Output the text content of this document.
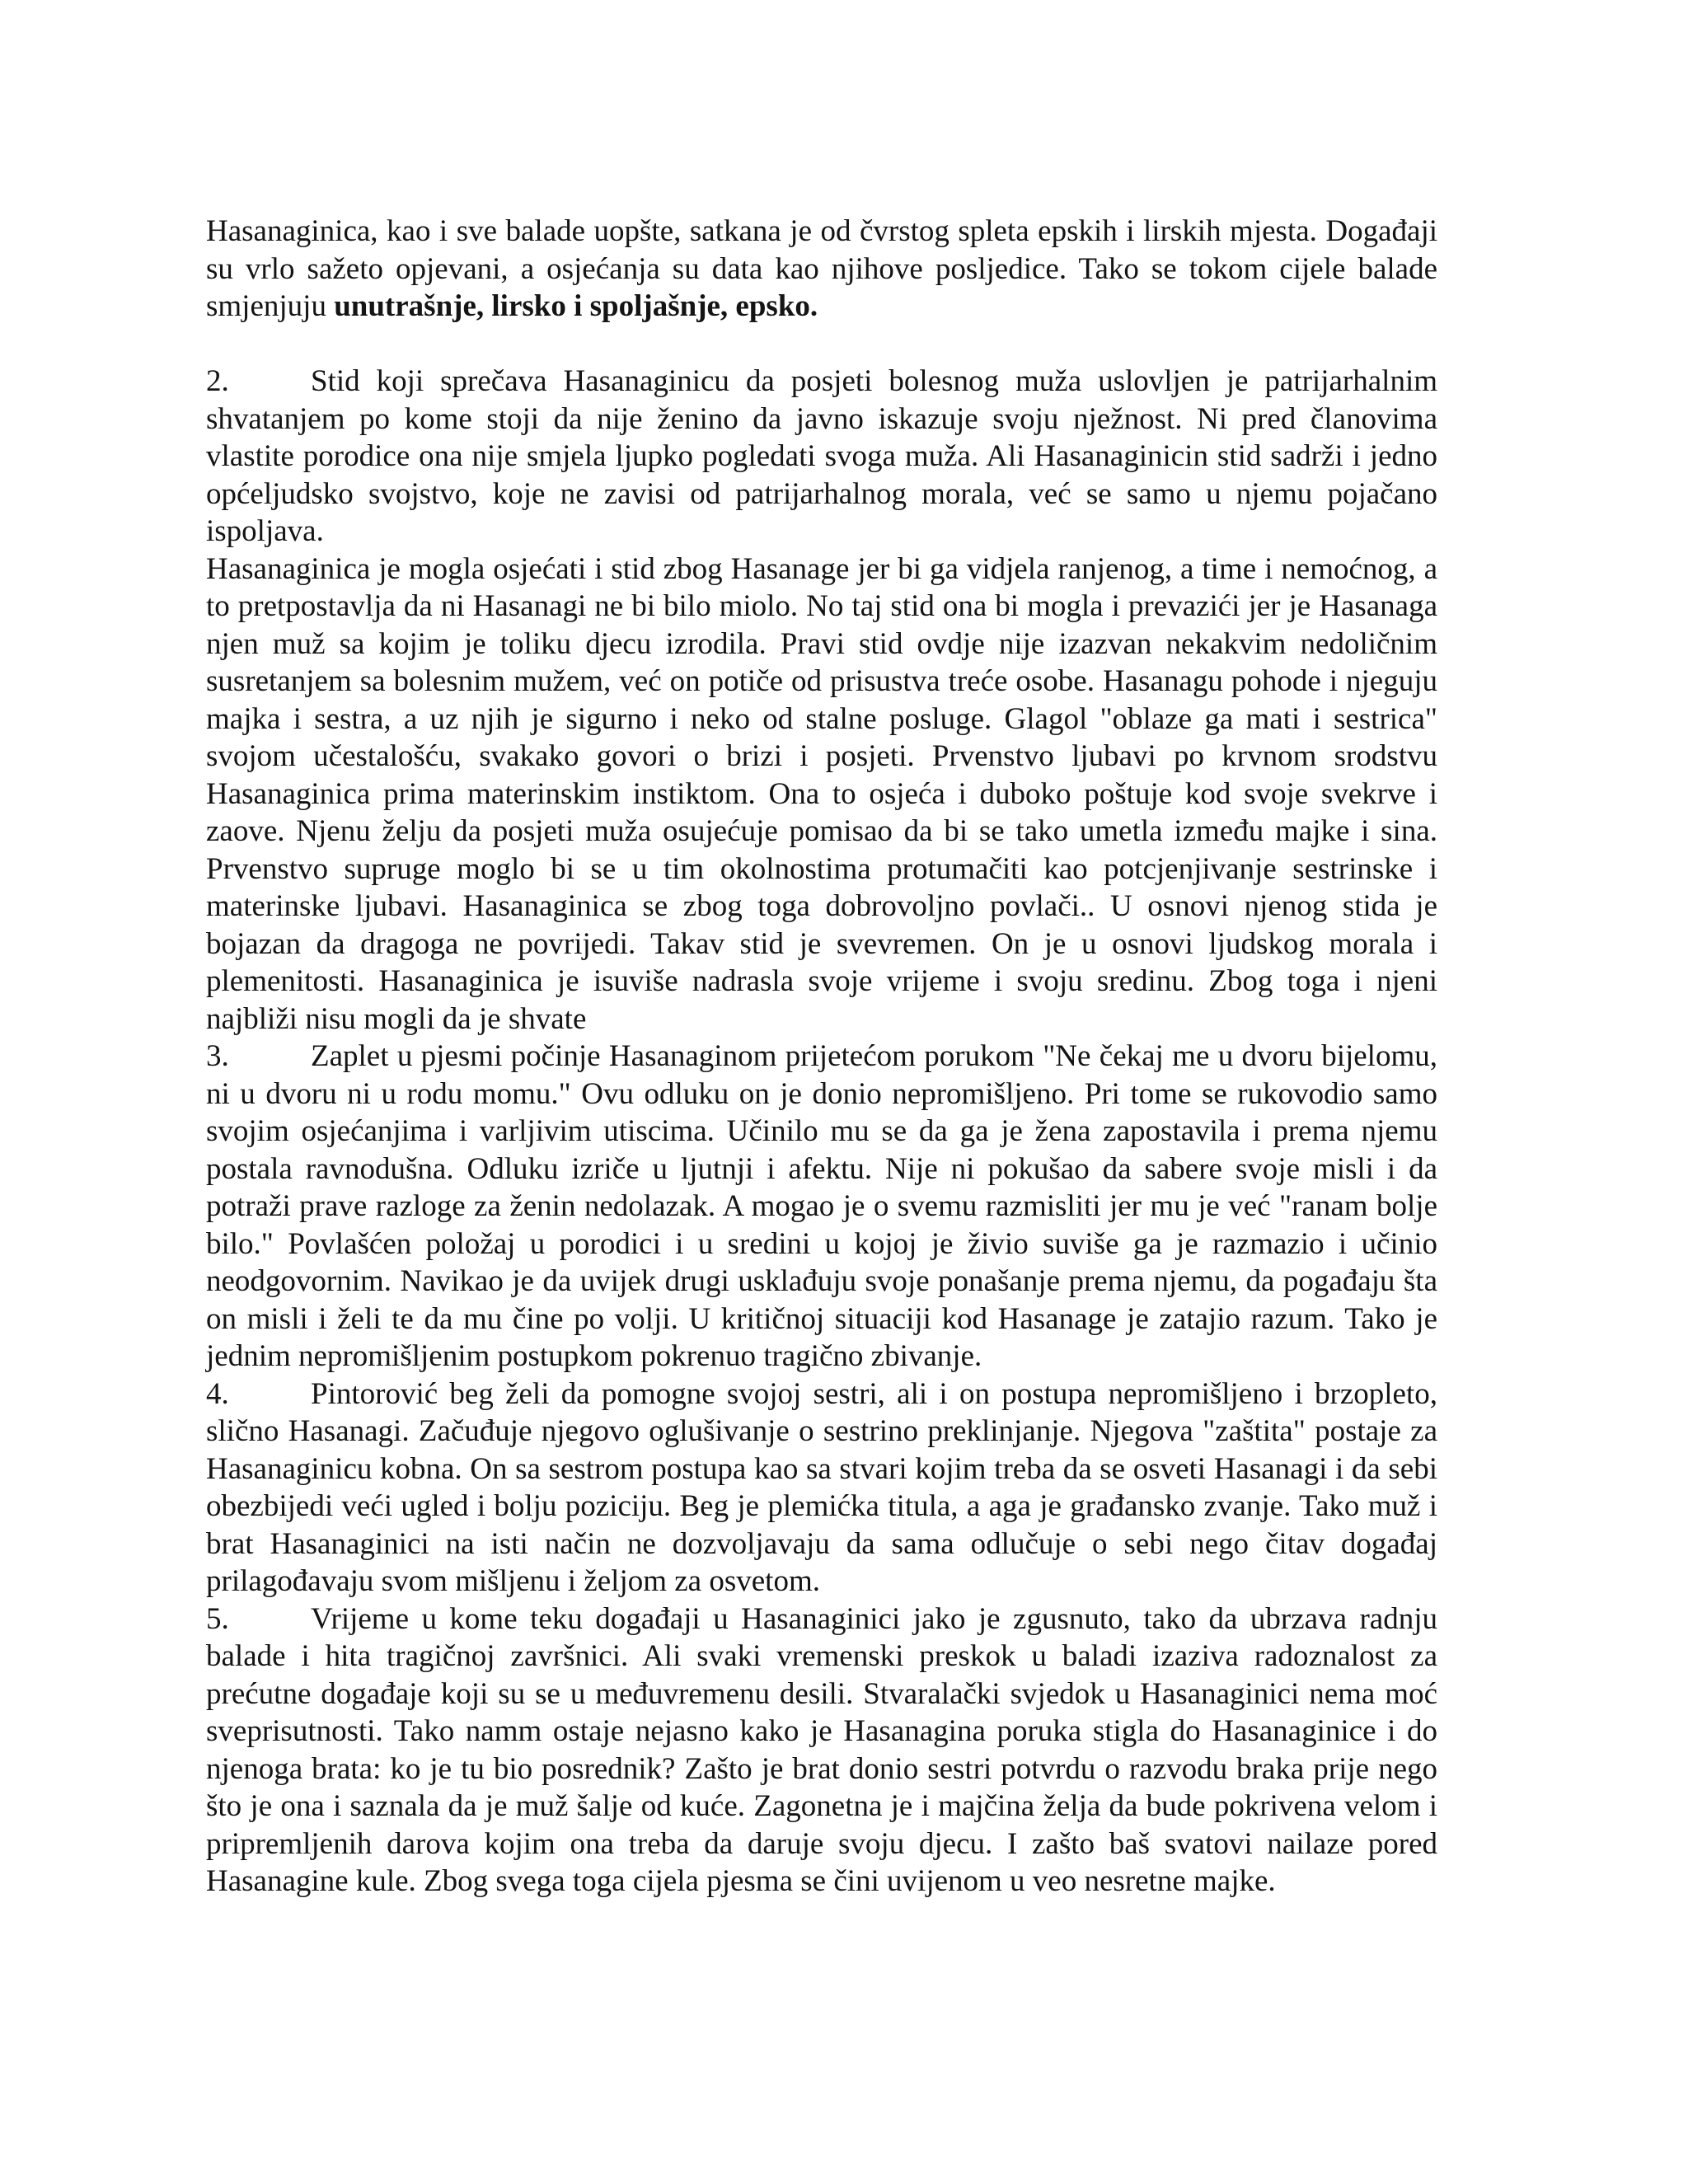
Hasanaginica, kao i sve balade uopšte, satkana je od čvrstog spleta epskih i lirskih mjesta. Događaji su vrlo sažeto opjevani, a osjećanja su data kao njihove posljedice. Tako se tokom cijele balade smjenjuju unutrašnje, lirsko i spoljašnje, epsko.

2.	Stid koji sprečava Hasanaginicu da posjeti bolesnog muža uslovljen je patrijarhalnim shvatanjem po kome stoji da nije ženino da javno iskazuje svoju nježnost. Ni pred članovima vlastite porodice ona nije smjela ljupko pogledati svoga muža. Ali Hasanaginicin stid sadrži i jedno općeljudsko svojstvo, koje ne zavisi od patrijarhalnog morala, već se samo u njemu pojačano ispoljava.

Hasanaginica je mogla osjećati i stid zbog Hasanage jer bi ga vidjela ranjenog, a time i nemoćnog, a to pretpostavlja da ni Hasanagi ne bi bilo miolo. No taj stid ona bi mogla i prevazići jer je Hasanaga njen muž sa kojim je toliku djecu izrodila. Pravi stid ovdje nije izazvan nekakvim nedoličnim susretanjem sa bolesnim mužem, već on potiče od prisustva treće osobe. Hasanagu pohode i njeguju majka i sestra, a uz njih je sigurno i neko od stalne posluge. Glagol "oblaze ga mati i sestrica" svojom učestalošću, svakako govori o brizi i posjeti. Prvenstvo ljubavi po krvnom srodstvu Hasanaginica prima materinskim instiktom. Ona to osjeća i duboko poštuje kod svoje svekrve i zaove. Njenu želju da posjeti muža osujećuje pomisao da bi se tako umetla između majke i sina. Prvenstvo supruge moglo bi se u tim okolnostima protumačiti kao potcjenjivanje sestrinske i materinske ljubavi. Hasanaginica se zbog toga dobrovoljno povlači.. U osnovi njenog stida je bojazan da dragoga ne povrijedi. Takav stid je svevremen. On je u osnovi ljudskog morala i plemenitosti. Hasanaginica je isuviše nadrasla svoje vrijeme i svoju sredinu. Zbog toga i njeni najbliži nisu mogli da je shvate

3.	Zaplet u pjesmi počinje Hasanaginom prijetećom porukom "Ne čekaj me u dvoru bijelomu, ni u dvoru ni u rodu momu." Ovu odluku on je donio nepromišljeno. Pri tome se rukovodio samo svojim osjećanjima i varljivim utiscima. Učinilo mu se da ga je žena zapostavila i prema njemu postala ravnodušna. Odluku izriče u ljutnji i afektu. Nije ni pokušao da sabere svoje misli i da potraži prave razloge za ženin nedolazak. A mogao je o svemu razmisliti jer mu je već "ranam bolje bilo." Povlašćen položaj u porodici i u sredini u kojoj je živio suviše ga je razmazio i učinio neodgovornim. Navikao je da uvijek drugi usklađuju svoje ponašanje prema njemu, da pogađaju šta on misli i želi te da mu čine po volji. U kritičnoj situaciji kod Hasanage je zatajio razum. Tako je jednim nepromišljenim postupkom pokrenuo tragično zbivanje.

4.	Pintorović beg želi da pomogne svojoj sestri, ali i on postupa nepromišljeno i brzopleto, slično Hasanagi. Začuđuje njegovo oglušivanje o sestrino preklinjanje. Njegova "zaštita" postaje za Hasanaginicu kobna. On sa sestrom postupa kao sa stvari kojim treba da se osveti Hasanagi i da sebi obezbijedi veći ugled i bolju poziciju. Beg je plemićka titula, a aga je građansko zvanje. Tako muž i brat Hasanaginici na isti način ne dozvoljavaju da sama odlučuje o sebi nego čitav događaj prilagođavaju svom mišljenu i željom za osvetom.

5.	Vrijeme u kome teku događaji u Hasanaginici jako je zgusnuto, tako da ubrzava radnju balade i hita tragičnoj završnici. Ali svaki vremenski preskok u baladi izaziva radoznalost za prećutne događaje koji su se u međuvremenu desili. Stvaralački svjedok u Hasanaginici nema moć sveprisutnosti. Tako namm ostaje nejasno kako je Hasanagina poruka stigla do Hasanaginice i do njenoga brata: ko je tu bio posrednik? Zašto je brat donio sestri potvrdu o razvodu braka prije nego što je ona i saznala da je muž šalje od kuće. Zagonetna je i majčina želja da bude pokrivena velom i pripremljenih darova kojim ona treba da daruje svoju djecu. I zašto baš svatovi nailaze pored Hasanagine kule. Zbog svega toga cijela pjesma se čini uvijenom u veo nesretne majke.
